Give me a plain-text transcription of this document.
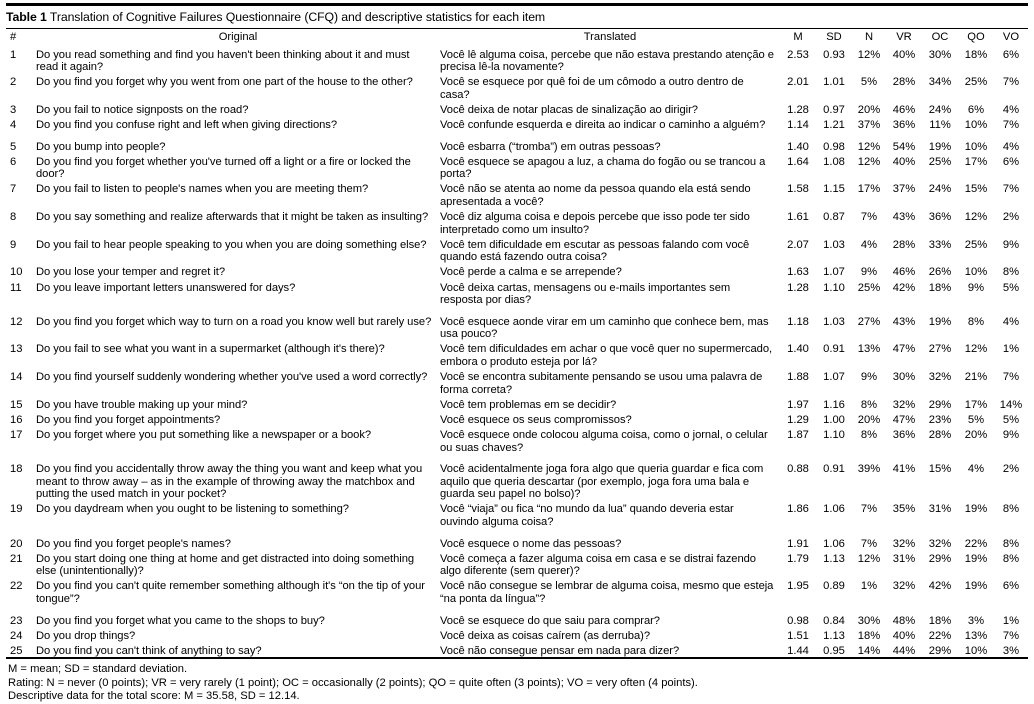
Table 1 Translation of Cognitive Failures Questionnaire (CFQ) and descriptive statistics for each item
#	Original	Translated	M	SD	N	VR	OC	QO	VO
1	Do you read something and find you haven't been thinking about it and must read it again?	Você lê alguma coisa, percebe que não estava prestando atenção e precisa lê-la novamente?	2.53	0.93	12%	40%	30%	18%	6%
2	Do you find you forget why you went from one part of the house to the other?	Você se esquece por quê foi de um cômodo a outro dentro de casa?	2.01	1.01	5%	28%	34%	25%	7%
3	Do you fail to notice signposts on the road?	Você deixa de notar placas de sinalização ao dirigir?	1.28	0.97	20%	46%	24%	6%	4%
4	Do you find you confuse right and left when giving directions?	Você confunde esquerda e direita ao indicar o caminho a alguém?	1.14	1.21	37%	36%	11%	10%	7%
5	Do you bump into people?	Você esbarra (“tromba”) em outras pessoas?	1.40	0.98	12%	54%	19%	10%	4%
6	Do you find you forget whether you've turned off a light or a fire or locked the door?	Você esquece se apagou a luz, a chama do fogão ou se trancou a porta?	1.64	1.08	12%	40%	25%	17%	6%
7	Do you fail to listen to people's names when you are meeting them?	Você não se atenta ao nome da pessoa quando ela está sendo apresentada a você?	1.58	1.15	17%	37%	24%	15%	7%
8	Do you say something and realize afterwards that it might be taken as insulting?	Você diz alguma coisa e depois percebe que isso pode ter sido interpretado como um insulto?	1.61	0.87	7%	43%	36%	12%	2%
9	Do you fail to hear people speaking to you when you are doing something else?	Você tem dificuldade em escutar as pessoas falando com você quando está fazendo outra coisa?	2.07	1.03	4%	28%	33%	25%	9%
10	Do you lose your temper and regret it?	Você perde a calma e se arrepende?	1.63	1.07	9%	46%	26%	10%	8%
11	Do you leave important letters unanswered for days?	Você deixa cartas, mensagens ou e-mails importantes sem resposta por dias?	1.28	1.10	25%	42%	18%	9%	5%
12	Do you find you forget which way to turn on a road you know well but rarely use?	Você esquece aonde virar em um caminho que conhece bem, mas usa pouco?	1.18	1.03	27%	43%	19%	8%	4%
13	Do you fail to see what you want in a supermarket (although it's there)?	Você tem dificuldades em achar o que você quer no supermercado, embora o produto esteja por lá?	1.40	0.91	13%	47%	27%	12%	1%
14	Do you find yourself suddenly wondering whether you've used a word correctly?	Você se encontra subitamente pensando se usou uma palavra de forma correta?	1.88	1.07	9%	30%	32%	21%	7%
15	Do you have trouble making up your mind?	Você tem problemas em se decidir?	1.97	1.16	8%	32%	29%	17%	14%
16	Do you find you forget appointments?	Você esquece os seus compromissos?	1.29	1.00	20%	47%	23%	5%	5%
17	Do you forget where you put something like a newspaper or a book?	Você esquece onde colocou alguma coisa, como o jornal, o celular ou suas chaves?	1.87	1.10	8%	36%	28%	20%	9%
18	Do you find you accidentally throw away the thing you want and keep what you meant to throw away – as in the example of throwing away the matchbox and putting the used match in your pocket?	Você acidentalmente joga fora algo que queria guardar e fica com aquilo que queria descartar (por exemplo, joga fora uma bala e guarda seu papel no bolso)?	0.88	0.91	39%	41%	15%	4%	2%
19	Do you daydream when you ought to be listening to something?	Você “viaja” ou fica “no mundo da lua” quando deveria estar ouvindo alguma coisa?	1.86	1.06	7%	35%	31%	19%	8%
20	Do you find you forget people's names?	Você esquece o nome das pessoas?	1.91	1.06	7%	32%	32%	22%	8%
21	Do you start doing one thing at home and get distracted into doing something else (unintentionally)?	Você começa a fazer alguma coisa em casa e se distrai fazendo algo diferente (sem querer)?	1.79	1.13	12%	31%	29%	19%	8%
22	Do you find you can't quite remember something although it's “on the tip of your tongue”?	Você não consegue se lembrar de alguma coisa, mesmo que esteja “na ponta da língua”?	1.95	0.89	1%	32%	42%	19%	6%
23	Do you find you forget what you came to the shops to buy?	Você se esquece do que saiu para comprar?	0.98	0.84	30%	48%	18%	3%	1%
24	Do you drop things?	Você deixa as coisas caírem (as derruba)?	1.51	1.13	18%	40%	22%	13%	7%
25	Do you find you can't think of anything to say?	Você não consegue pensar em nada para dizer?	1.44	0.95	14%	44%	29%	10%	3%
M = mean; SD = standard deviation.
Rating: N = never (0 points); VR = very rarely (1 point); OC = occasionally (2 points); QO = quite often (3 points); VO = very often (4 points).
Descriptive data for the total score: M = 35.58, SD = 12.14.
